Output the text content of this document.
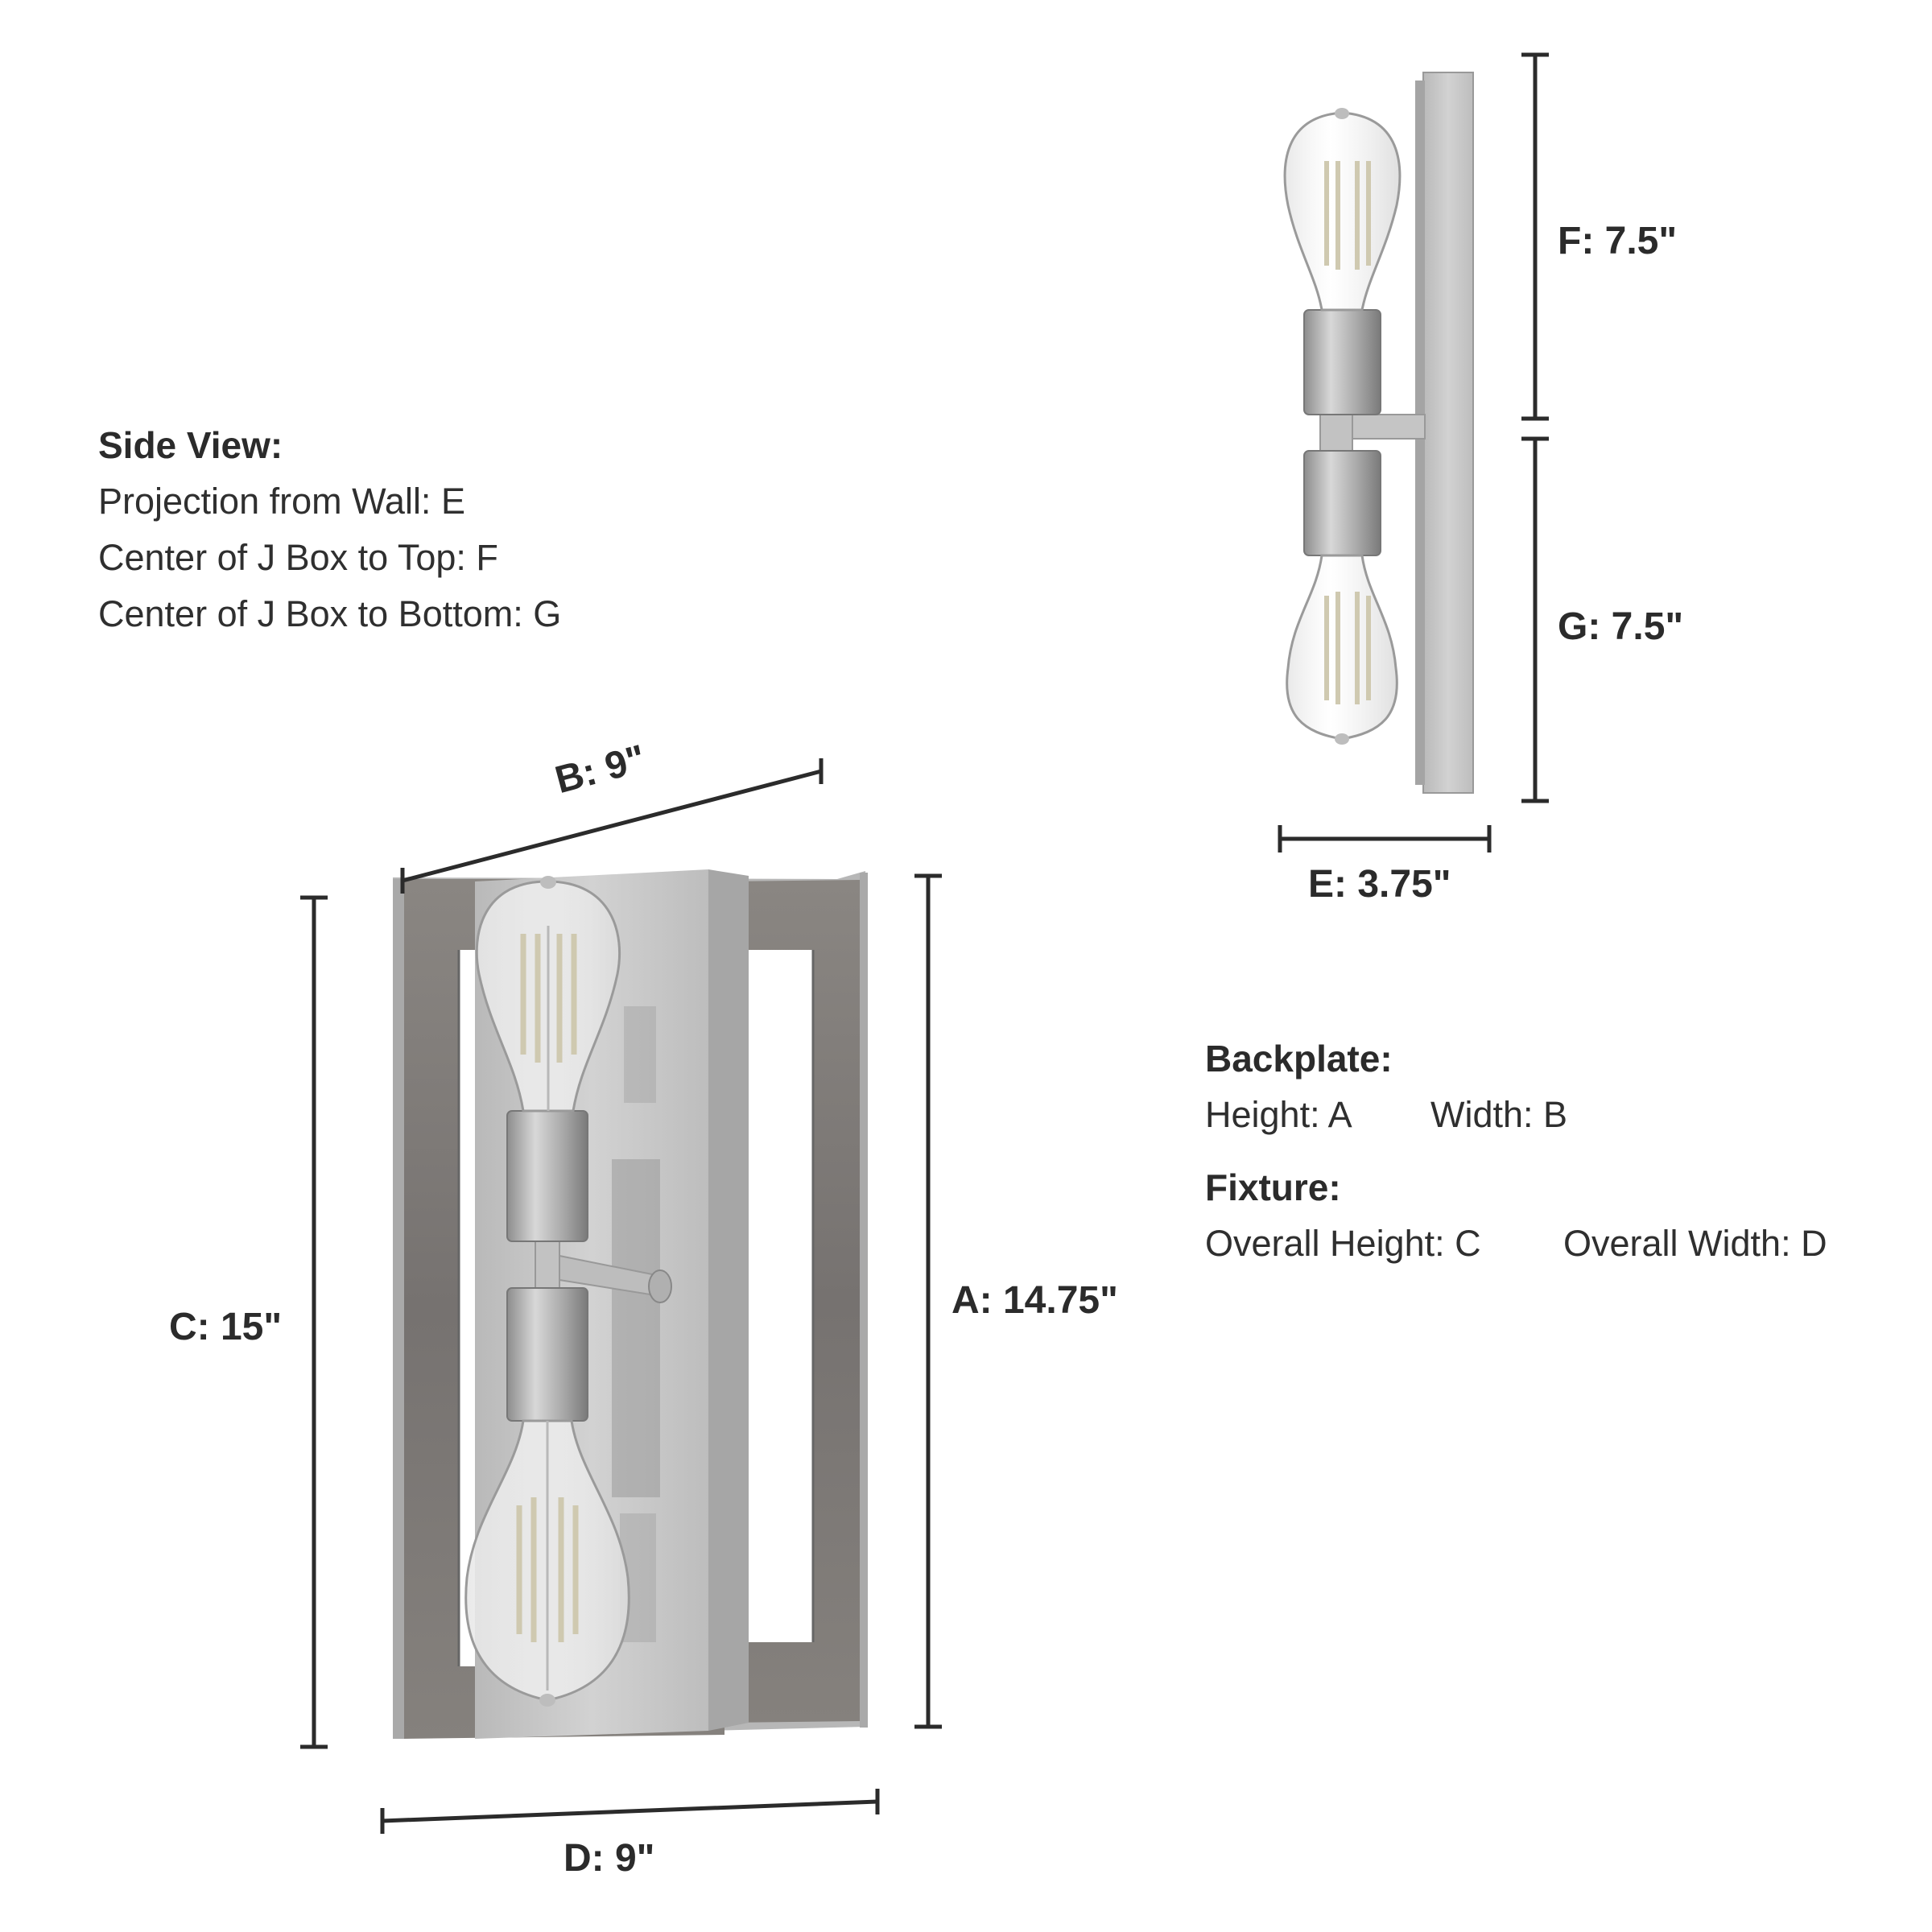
B: 9"
C: 15"
A: 14.75"
D: 9"
E: 3.75"
F: 7.5"
G: 7.5"
Side View:
Projection from Wall: E
Center of J Box to Top: F
Center of J Box to Bottom: G
Backplate:
Height: A Width: B
Fixture:
Overall Height: C Overall Width: D
